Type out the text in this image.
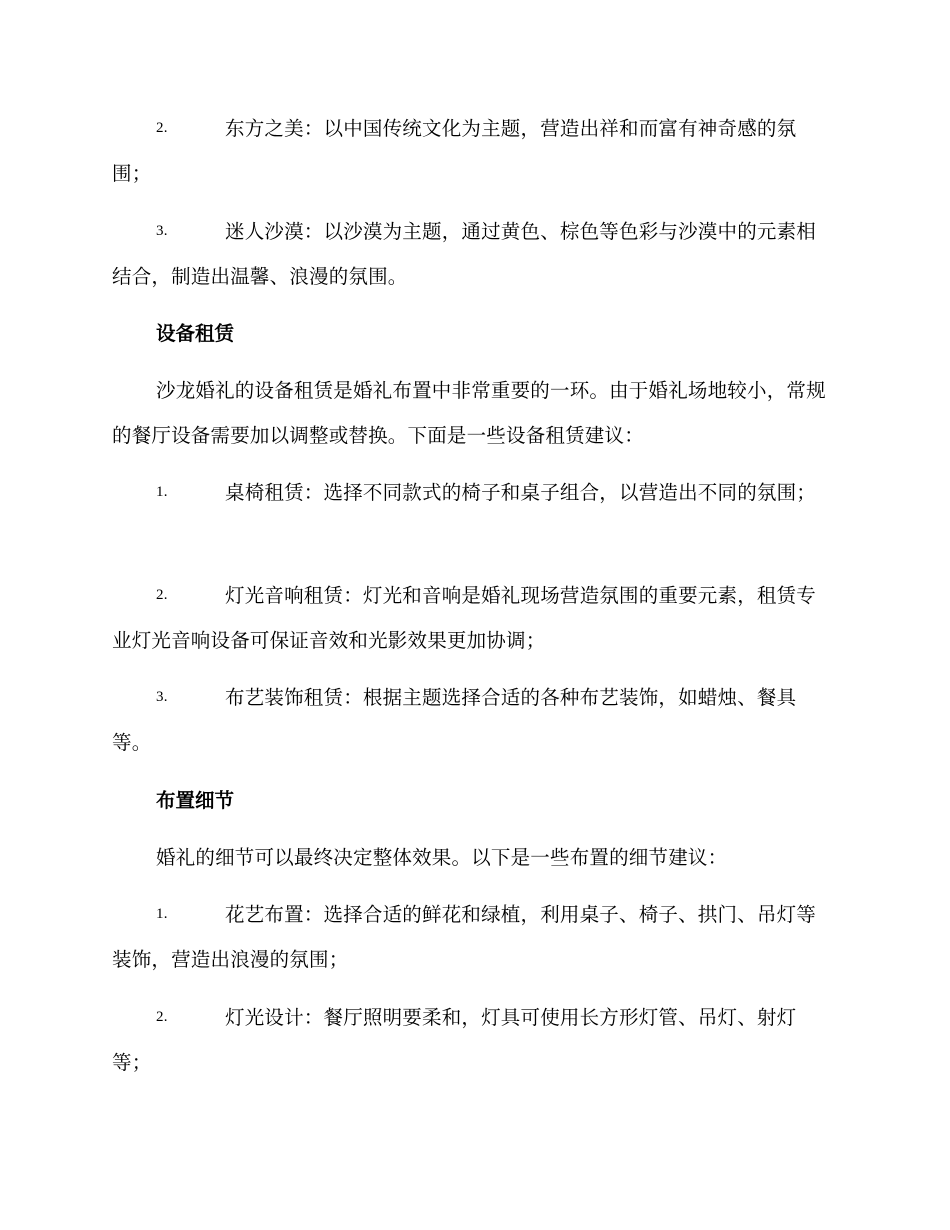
2.	东方之美：以中国传统文化为主题，营造出祥和而富有神奇感的氛围；
3.	迷人沙漠：以沙漠为主题，通过黄色、棕色等色彩与沙漠中的元素相结合，制造出温馨、浪漫的氛围。
设备租赁
沙龙婚礼的设备租赁是婚礼布置中非常重要的一环。由于婚礼场地较小，常规的餐厅设备需要加以调整或替换。下面是一些设备租赁建议：
1.	桌椅租赁：选择不同款式的椅子和桌子组合，以营造出不同的氛围；
2.	灯光音响租赁：灯光和音响是婚礼现场营造氛围的重要元素，租赁专业灯光音响设备可保证音效和光影效果更加协调；
3.	布艺装饰租赁：根据主题选择合适的各种布艺装饰，如蜡烛、餐具等。
布置细节
婚礼的细节可以最终决定整体效果。以下是一些布置的细节建议：
1.	花艺布置：选择合适的鲜花和绿植，利用桌子、椅子、拱门、吊灯等装饰，营造出浪漫的氛围；
2.	灯光设计：餐厅照明要柔和，灯具可使用长方形灯管、吊灯、射灯等；
